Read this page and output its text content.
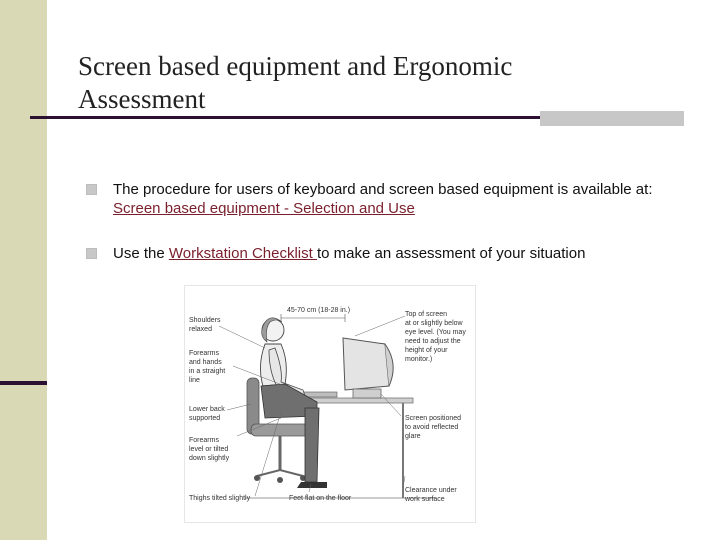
Screen based equipment and Ergonomic
Assessment
The procedure for users of keyboard and screen based equipment is available at: Screen based equipment - Selection and Use
Use the Workstation Checklist to make an assessment of your situation
45-70 cm (18-28 in.)
Shoulders relaxed
Forearms and hands in a straight line
Lower back supported
Forearms level or tilted down slightly
Thighs tilted slightly	Feet flat on the floor
Top of screen at or slightly below eye level. (You may need to adjust the height of your monitor.)
Screen positioned to avoid reflected glare
Clearance under work surface
